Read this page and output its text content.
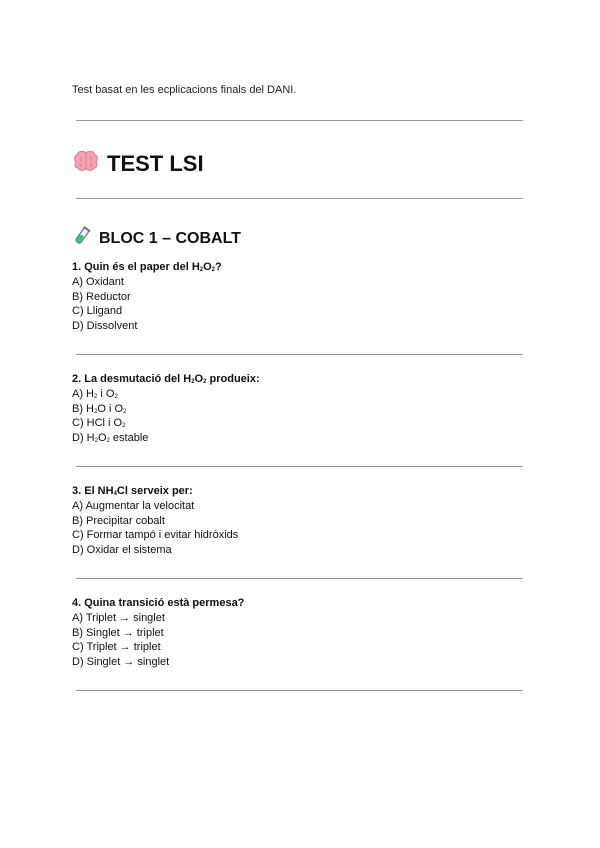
Test basat en les ecplicacions finals del DANI.
TEST LSI
BLOC 1 – COBALT
1. Quin és el paper del $H_2O_2$?
A) Oxidant
B) Reductor
C) Lligand
D) Dissolvent
2. La desmutació del $H_2O_2$ produeix:
A) $H_2$ i $O_2$
B) $H_2O$ i $O_2$
C) HCl i $O_2$
D) $H_2O_2$ estable
3. El $NH_4Cl$ serveix per:
A) Augmentar la velocitat
B) Precipitar cobalt
C) Formar tampó i evitar hidròxids
D) Oxidar el sistema
4. Quina transició està permesa?
A) Triplet → singlet
B) Singlet → triplet
C) Triplet → triplet
D) Singlet → singlet
